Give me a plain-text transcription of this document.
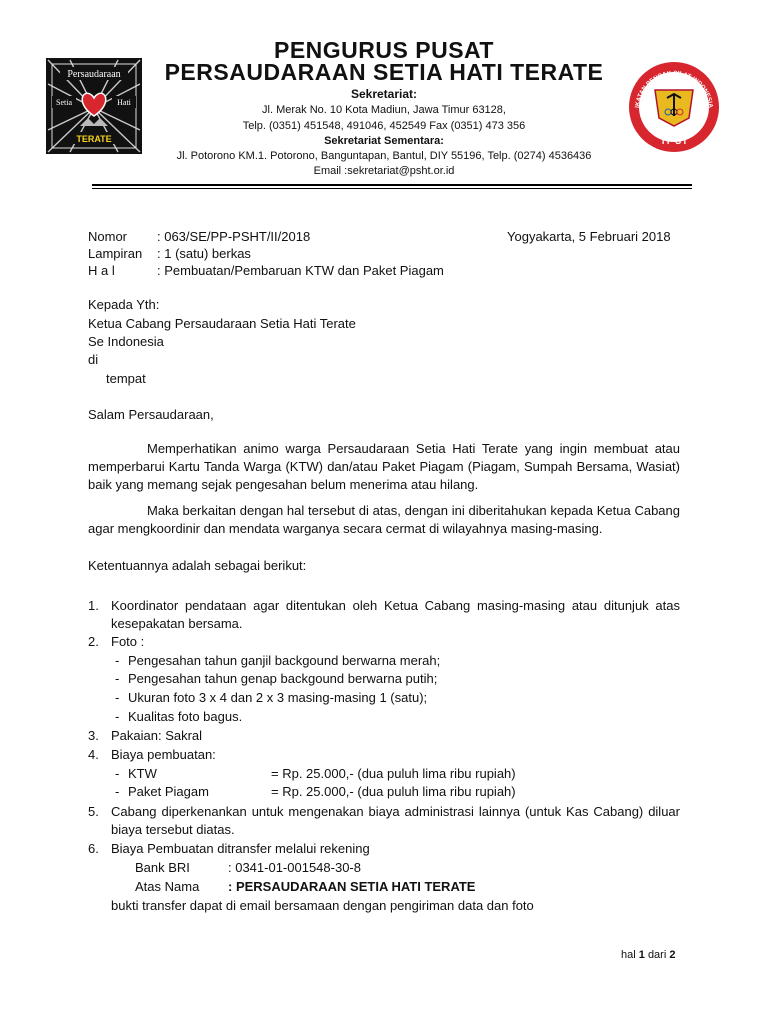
Persaudaraan
Setia	Hati
TERATE
IKATAN PENCAK SILAT INDONESIA
I P S I
PENGURUS PUSAT
PERSAUDARAAN SETIA HATI TERATE
Sekretariat:
Jl. Merak No. 10 Kota Madiun, Jawa Timur 63128,
Telp. (0351) 451548, 491046, 452549 Fax (0351) 473 356
Sekretariat Sementara:
Jl. Potorono KM.1. Potorono, Banguntapan, Bantul, DIY 55196, Telp. (0274) 4536436
Email :sekretariat@psht.or.id
Nomor : 063/SE/PP-PSHT/II/2018	Yogyakarta, 5 Februari 2018
Lampiran : 1 (satu) berkas
H a l	: Pembuatan/Pembaruan KTW dan Paket Piagam
Kepada Yth:
Ketua Cabang Persaudaraan Setia Hati Terate
Se Indonesia
di
tempat
Salam Persaudaraan,
Memperhatikan animo warga Persaudaraan Setia Hati Terate yang ingin membuat atau
memperbarui Kartu Tanda Warga (KTW) dan/atau Paket Piagam (Piagam, Sumpah Bersama, Wasiat)
baik yang memang sejak pengesahan belum menerima atau hilang.
Maka berkaitan dengan hal tersebut di atas, dengan ini diberitahukan kepada Ketua Cabang
agar mengkoordinir dan mendata warganya secara cermat di wilayahnya masing-masing.
Ketentuannya adalah sebagai berikut:
1. Koordinator pendataan agar ditentukan oleh Ketua Cabang masing-masing atau ditunjuk atas
kesepakatan bersama.
2. Foto :
- Pengesahan tahun ganjil backgound berwarna merah;
- Pengesahan tahun genap backgound berwarna putih;
- Ukuran foto 3 x 4 dan 2 x 3 masing-masing 1 (satu);
- Kualitas foto bagus.
3. Pakaian: Sakral
4. Biaya pembuatan:
- KTW	= Rp. 25.000,- (dua puluh lima ribu rupiah)
- Paket Piagam	= Rp. 25.000,- (dua puluh lima ribu rupiah)
5. Cabang diperkenankan untuk mengenakan biaya administrasi lainnya (untuk Kas Cabang) diluar
biaya tersebut diatas.
6. Biaya Pembuatan ditransfer melalui rekening
Bank BRI	: 0341-01-001548-30-8
Atas Nama : PERSAUDARAAN SETIA HATI TERATE
bukti transfer dapat di email bersamaan dengan pengiriman data dan foto
hal 1 dari 2
